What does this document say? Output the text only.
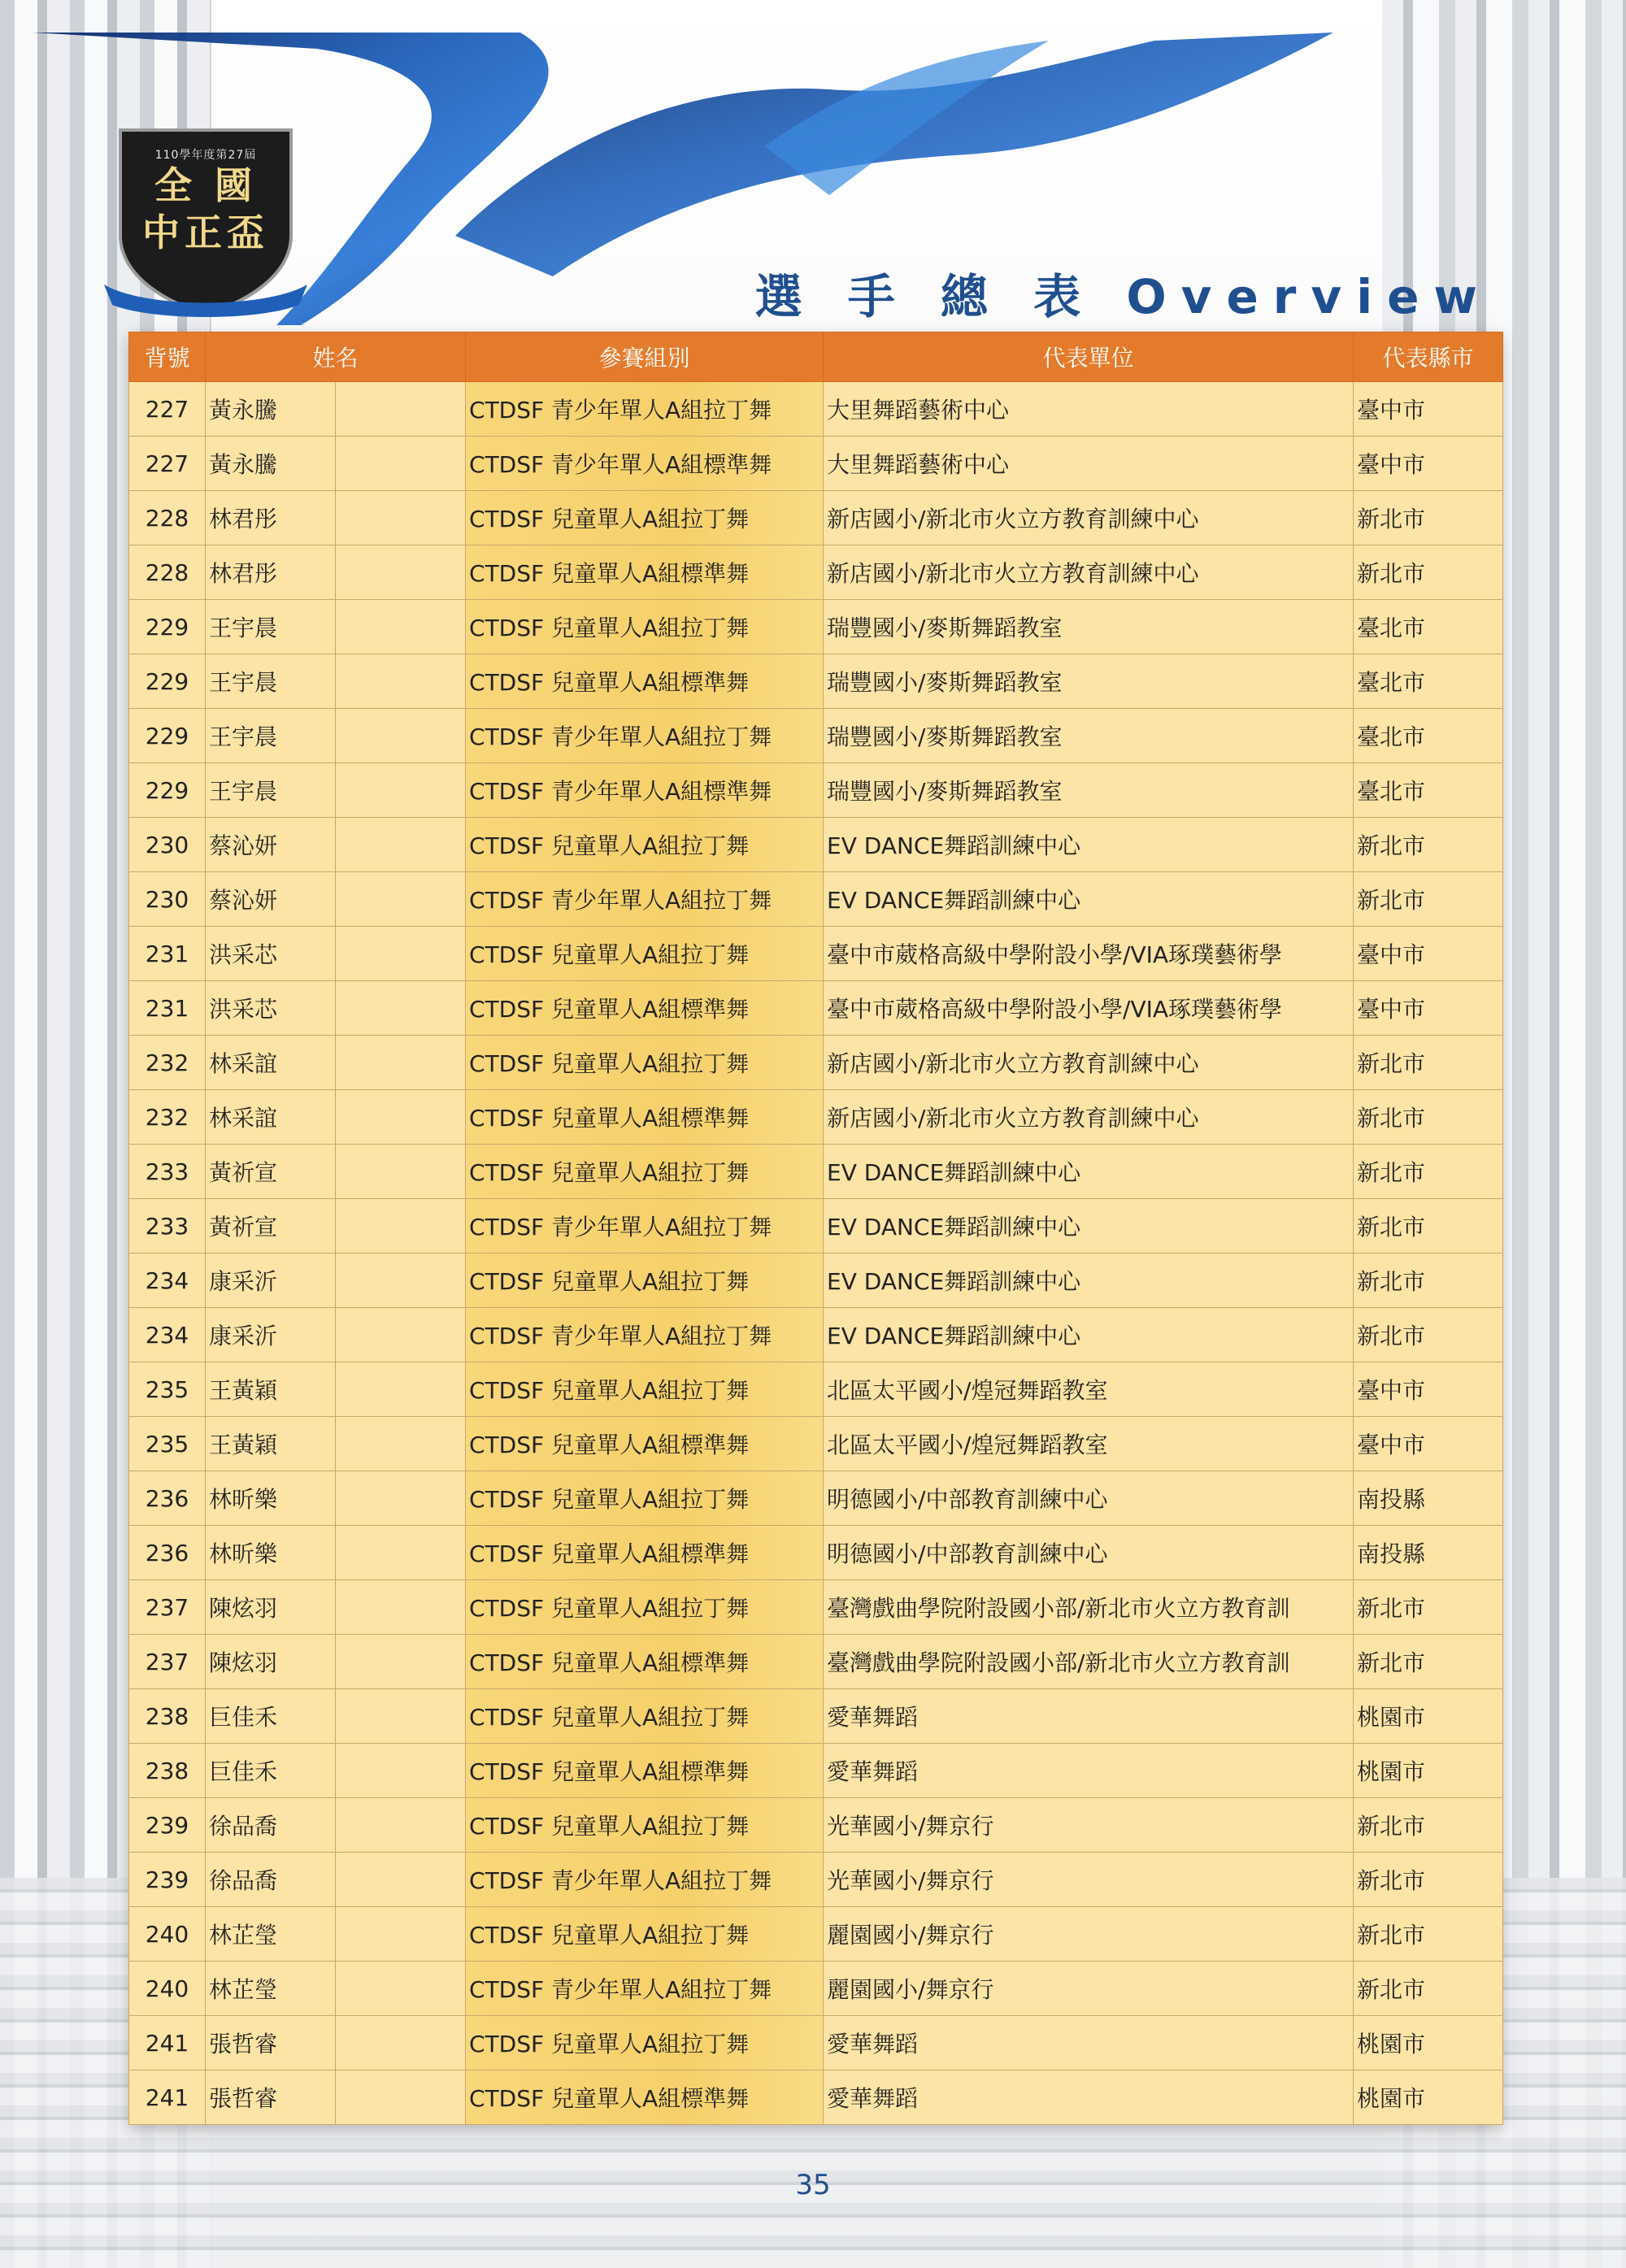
110學年度第27屆
全 國
中正盃
選 手 總 表 Overview
背號	姓名		參賽組別	代表單位	代表縣市
227	黃永騰		CTDSF 青少年單人A組拉丁舞	大里舞蹈藝術中心	臺中市
227	黃永騰		CTDSF 青少年單人A組標準舞	大里舞蹈藝術中心	臺中市
228	林君彤		CTDSF 兒童單人A組拉丁舞	新店國小/新北市火立方教育訓練中心	新北市
228	林君彤		CTDSF 兒童單人A組標準舞	新店國小/新北市火立方教育訓練中心	新北市
229	王宇晨		CTDSF 兒童單人A組拉丁舞	瑞豐國小/麥斯舞蹈教室	臺北市
229	王宇晨		CTDSF 兒童單人A組標準舞	瑞豐國小/麥斯舞蹈教室	臺北市
229	王宇晨		CTDSF 青少年單人A組拉丁舞	瑞豐國小/麥斯舞蹈教室	臺北市
229	王宇晨		CTDSF 青少年單人A組標準舞	瑞豐國小/麥斯舞蹈教室	臺北市
230	蔡沁妍		CTDSF 兒童單人A組拉丁舞	EV DANCE舞蹈訓練中心	新北市
230	蔡沁妍		CTDSF 青少年單人A組拉丁舞	EV DANCE舞蹈訓練中心	新北市
231	洪采芯		CTDSF 兒童單人A組拉丁舞	臺中市葳格高級中學附設小學/VIA琢璞藝術學	臺中市
231	洪采芯		CTDSF 兒童單人A組標準舞	臺中市葳格高級中學附設小學/VIA琢璞藝術學	臺中市
232	林采誼		CTDSF 兒童單人A組拉丁舞	新店國小/新北市火立方教育訓練中心	新北市
232	林采誼		CTDSF 兒童單人A組標準舞	新店國小/新北市火立方教育訓練中心	新北市
233	黃祈宣		CTDSF 兒童單人A組拉丁舞	EV DANCE舞蹈訓練中心	新北市
233	黃祈宣		CTDSF 青少年單人A組拉丁舞	EV DANCE舞蹈訓練中心	新北市
234	康采沂		CTDSF 兒童單人A組拉丁舞	EV DANCE舞蹈訓練中心	新北市
234	康采沂		CTDSF 青少年單人A組拉丁舞	EV DANCE舞蹈訓練中心	新北市
235	王黃穎		CTDSF 兒童單人A組拉丁舞	北區太平國小/煌冠舞蹈教室	臺中市
235	王黃穎		CTDSF 兒童單人A組標準舞	北區太平國小/煌冠舞蹈教室	臺中市
236	林昕樂		CTDSF 兒童單人A組拉丁舞	明德國小/中部教育訓練中心	南投縣
236	林昕樂		CTDSF 兒童單人A組標準舞	明德國小/中部教育訓練中心	南投縣
237	陳炫羽		CTDSF 兒童單人A組拉丁舞	臺灣戲曲學院附設國小部/新北市火立方教育訓	新北市
237	陳炫羽		CTDSF 兒童單人A組標準舞	臺灣戲曲學院附設國小部/新北市火立方教育訓	新北市
238	巨佳禾		CTDSF 兒童單人A組拉丁舞	愛華舞蹈	桃園市
238	巨佳禾		CTDSF 兒童單人A組標準舞	愛華舞蹈	桃園市
239	徐品喬		CTDSF 兒童單人A組拉丁舞	光華國小/舞京行	新北市
239	徐品喬		CTDSF 青少年單人A組拉丁舞	光華國小/舞京行	新北市
240	林芷瑩		CTDSF 兒童單人A組拉丁舞	麗園國小/舞京行	新北市
240	林芷瑩		CTDSF 青少年單人A組拉丁舞	麗園國小/舞京行	新北市
241	張哲睿		CTDSF 兒童單人A組拉丁舞	愛華舞蹈	桃園市
241	張哲睿		CTDSF 兒童單人A組標準舞	愛華舞蹈	桃園市
35
